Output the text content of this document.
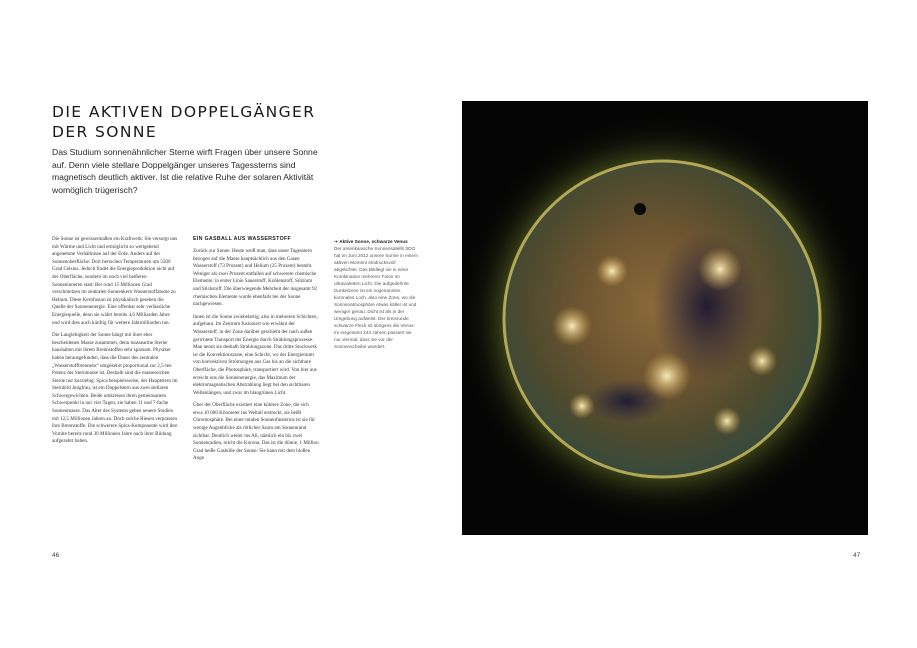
DIE AKTIVEN DOPPELGÄNGER
DER SONNE

Das Studium sonnenähnlicher Sterne wirft Fragen über unsere Sonne auf. Denn viele stellare Doppelgänger unseres Tagessterns sind magnetisch deutlich aktiver. Ist die relative Ruhe der solaren Aktivität womöglich trügerisch?

Die Sonne ist gewissermaßen ein Kraftwerk: Sie versorgt uns mit Wärme und Licht und ermöglicht so weitgehend angenehme Verhältnisse auf der Erde. Anders auf der Sonnenoberfläche: Dort herrschen Temperaturen um 5500 Grad Celsius. Jedoch findet die Energieproduktion nicht auf der Oberfläche, sondern im noch viel heißeren Sonneninneren statt: Bei rund 15 Millionen Grad verschmelzen im zentralen Sonnenkern Wasserstoffatome zu Helium. Diese Kernfusion ist physikalisch gesehen die Quelle der Sonnenenergie. Eine offenbar sehr verlässliche Energiequelle, denn sie währt bereits 4,6 Milliarden Jahre und wird dies auch künftig für weitere Jahrmilliarden tun.

Die Langlebigkeit der Sonne hängt mit ihrer eher bescheidenen Masse zusammen, denn massearme Sterne haushalten mit ihrem Brennstoffen sehr sparsam. Physiker haben herausgefunden, dass die Dauer des zentralen „Wasserstoffbrennens“ umgekehrt proportional zur 2,5-ten Potenz der Sternmasse ist. Deshalb sind die massereichen Sterne nur kurzlebig: Spica beispielsweise, der Hauptstern im Sternbild Jungfrau, ist ein Doppelstern aus zwei stellaren Schwergewichten. Beide umkreisen ihren gemeinsamen Schwerpunkt in nur vier Tagen, sie haben 11 und 7-fache Sonnenmasse. Das Alter des Systems geben neuere Studien mit 12,5 Millionen Jahren an. Doch solche Riesen verprassen ihre Brennstoffe. Die schwerere Spica-Komponente wird ihre Vorräte bereits rund 30 Millionen Jahre nach ihrer Bildung aufgezehrt haben.

EIN GASBALL AUS WASSERSTOFF

Zurück zur Sonne. Heute weiß man, dass unser Tagesstern bezogen auf die Masse hauptsächlich aus den Gasen Wasserstoff (73 Prozent) und Helium (25 Prozent) besteht. Weniger als zwei Prozent entfallen auf schwerere chemische Elemente; in erster Linie Sauerstoff, Kohlenstoff, Silizium und Stickstoff. Die überwiegende Mehrheit der insgesamt 92 chemischen Elemente wurde ebenfalls bei der Sonne nachgewiesen.

Innen ist die Sonne zwiebelartig, also in mehreren Schichten, aufgebaut. Im Zentrum fusioniert wie erwähnt der Wasserstoff, in der Zone darüber geschieht der nach außen gerichtete Transport der Energie durch Strahlungsprozesse. Man nennt sie deshalb Strahlungszone. Das dritte Stockwerk ist die Konvektionszone, eine Schicht, wo der Energieraum von konvektiven Strömungen aus Gas bis an die sichtbare Oberfläche, die Photosphäre, transportiert wird. Von hier aus erreicht uns die Sonnenenergie, das Maximum der elektromagnetischen Abstrahlung liegt bei den sichtbaren Wellenlängen, und zwar im blaugrünen Licht.

Über der Oberfläche existiert eine kühlere Zone, die sich etwa 10 000 Kilometer ins Weltall erstreckt, sie heißt Chromosphäre. Bei einer totalen Sonnenfinsternis ist sie für wenige Augenblicke als rötlicher Saum am Sonnenrand sichtbar. Deutlich weiter ins All, nämlich ein bis zwei Sonnenradien, reicht die Korona. Das ist die dünne, 1 Million Grad heiße Gashülle der Sonne. Sie kann mit dem bloßen Auge

➔ Aktive Sonne, schwarze Venus
Der amerikanische Sonnensatellit SDO hat im Juni 2012 unsere Sonne in einem aktiven Moment eindrucksvoll abgelichtet. Das Bildlegt sie in einer Kombination mehrerer Fotos im ultravioletten Licht. Die aufgedehnte Dunkelzone ist ein sogenanntes koronales Loch, also eine Zone, wo die Sonnenatmosphäre etwas kälter ist und weniger genau. Dicht ist als in der Umgebung aufweist. Der kreisrunde schwarze Fleck ist übrigens die Venus: Im insgesamt 243 Jahren passiert sie nur viermal, dass sie vor der Sonnenscheibe wandert.
46	47
